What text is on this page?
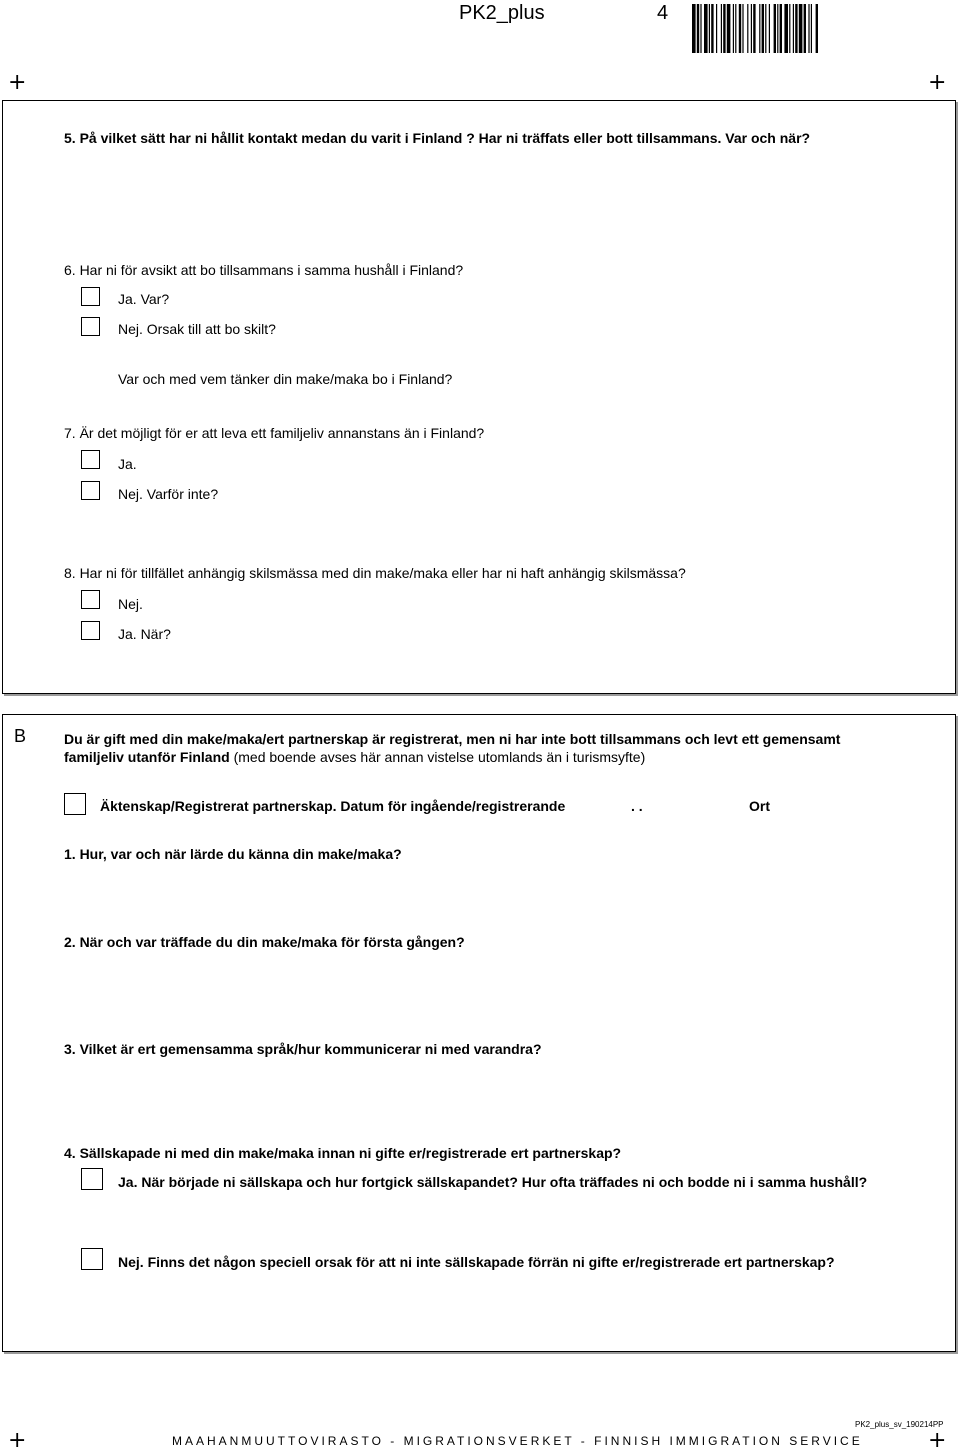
PK2_plus	4
+	+
+	+
5. På vilket sätt har ni hållit kontakt medan du varit i Finland ? Har ni träffats eller bott tillsammans. Var och när?
6. Har ni för avsikt att bo tillsammans i samma hushåll i Finland?
Ja. Var?
Nej. Orsak till att bo skilt?
Var och med vem tänker din make/maka bo i Finland?
7. Är det möjligt för er att leva ett familjeliv annanstans än i Finland?
Ja.
Nej. Varför inte?
8. Har ni för tillfället anhängig skilsmässa med din make/maka eller har ni haft anhängig skilsmässa?
Nej.
Ja. När?
B	Du är gift med din make/maka/ert partnerskap är registrerat, men ni har inte bott tillsammans och levt ett gemensamt
familjeliv utanför Finland (med boende avses här annan vistelse utomlands än i turismsyfte)
Äktenskap/Registrerat partnerskap. Datum för ingående/registrerande	. .	Ort
1. Hur, var och när lärde du känna din make/maka?
2. När och var träffade du din make/maka för första gången?
3. Vilket är ert gemensamma språk/hur kommunicerar ni med varandra?
4. Sällskapade ni med din make/maka innan ni gifte er/registrerade ert partnerskap?
Ja. När började ni sällskapa och hur fortgick sällskapandet? Hur ofta träffades ni och bodde ni i samma hushåll?
Nej. Finns det någon speciell orsak för att ni inte sällskapade förrän ni gifte er/registrerade ert partnerskap?
PK2_plus_sv_190214PP
MAAHANMUUTTOVIRASTO - MIGRATIONSVERKET - FINNISH IMMIGRATION SERVICE
